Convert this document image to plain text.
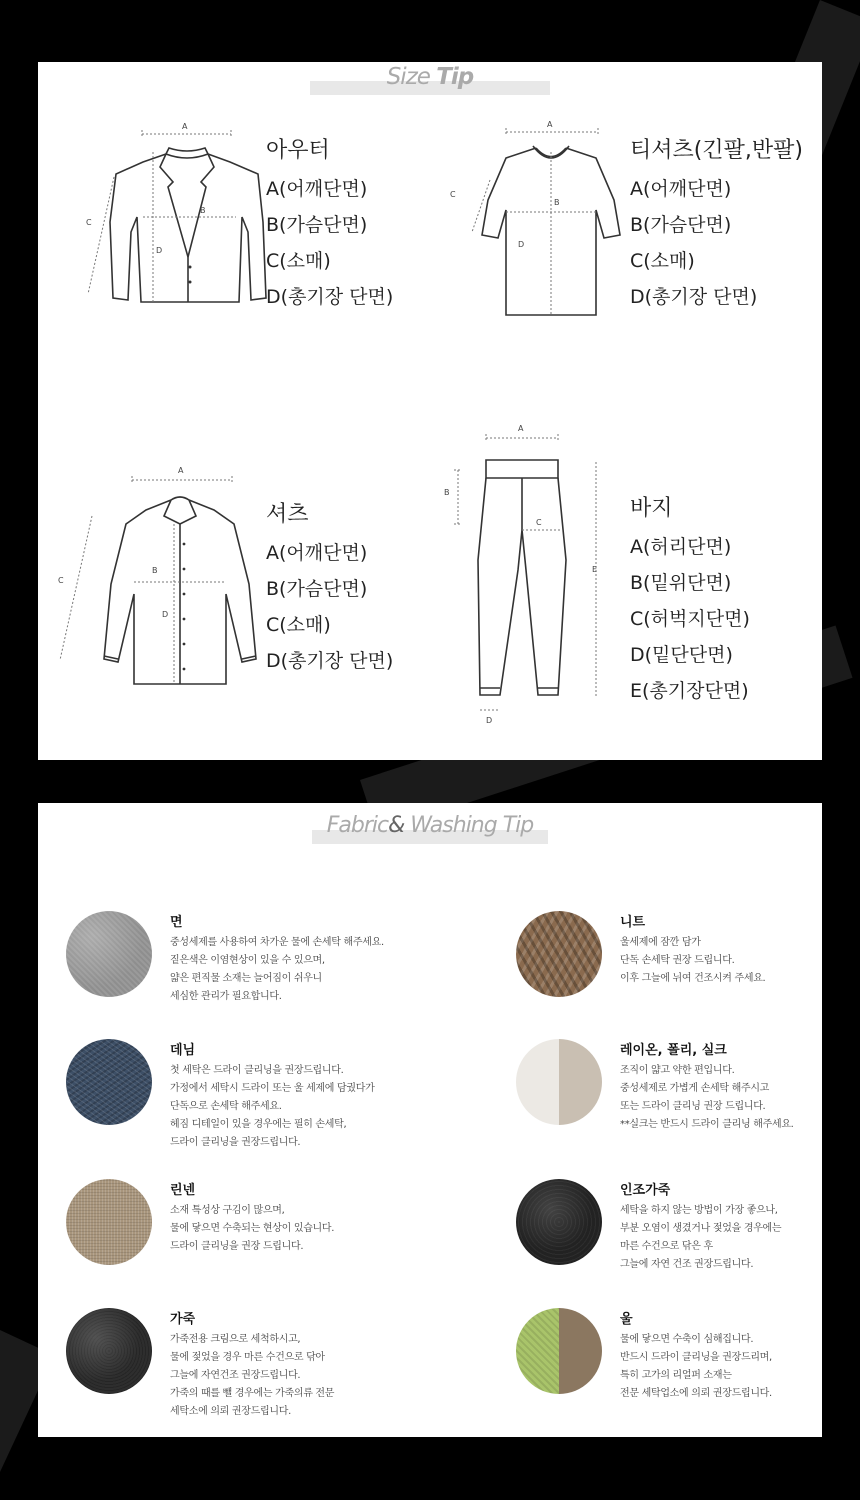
Size Tip
A
B
C
D
아우터
A(어깨단면)
B(가슴단면)
C(소매)
D(총기장 단면)
A
B
C
D
티셔츠(긴팔,반팔)
A(어깨단면)
B(가슴단면)
C(소매)
D(총기장 단면)
A
B
C
D
셔츠
A(어깨단면)
B(가슴단면)
C(소매)
D(총기장 단면)
A
B
C
D
E
바지
A(허리단면)
B(밑위단면)
C(허벅지단면)
D(밑단단면)
E(총기장단면)
Fabric& Washing Tip
면
중성세제를 사용하여 차가운 물에 손세탁 해주세요.
짙은색은 이염현상이 있을 수 있으며,
얇은 편직물 소재는 늘어짐이 쉬우니
세심한 관리가 필요합니다.
니트
울세제에 잠깐 담가
단독 손세탁 권장 드립니다.
이후 그늘에 뉘여 건조시켜 주세요.
데님
첫 세탁은 드라이 클리닝을 권장드립니다.
가정에서 세탁시 드라이 또는 울 세제에 담궜다가
단독으로 손세탁 해주세요.
헤짐 디테일이 있을 경우에는 필히 손세탁,
드라이 클리닝을 권장드립니다.
레이온, 폴리, 실크
조직이 얇고 약한 편입니다.
중성세제로 가볍게 손세탁 해주시고
또는 드라이 클리닝 권장 드립니다.
**실크는 반드시 드라이 클리닝 해주세요.
린넨
소재 특성상 구김이 많으며,
물에 닿으면 수축되는 현상이 있습니다.
드라이 클리닝을 권장 드립니다.
인조가죽
세탁을 하지 않는 방법이 가장 좋으나,
부분 오염이 생겼거나 젖었을 경우에는
마른 수건으로 닦은 후
그늘에 자연 건조 권장드립니다.
가죽
가죽전용 크림으로 세척하시고,
물에 젖었을 경우 마른 수건으로 닦아
그늘에 자연건조 권장드립니다.
가죽의 때를 뺄 경우에는 가죽의류 전문
세탁소에 의뢰 권장드립니다.
울
물에 닿으면 수축이 심해집니다.
반드시 드라이 클리닝을 권장드리며,
특히 고가의 리얼퍼 소재는
전문 세탁업소에 의뢰 권장드립니다.
